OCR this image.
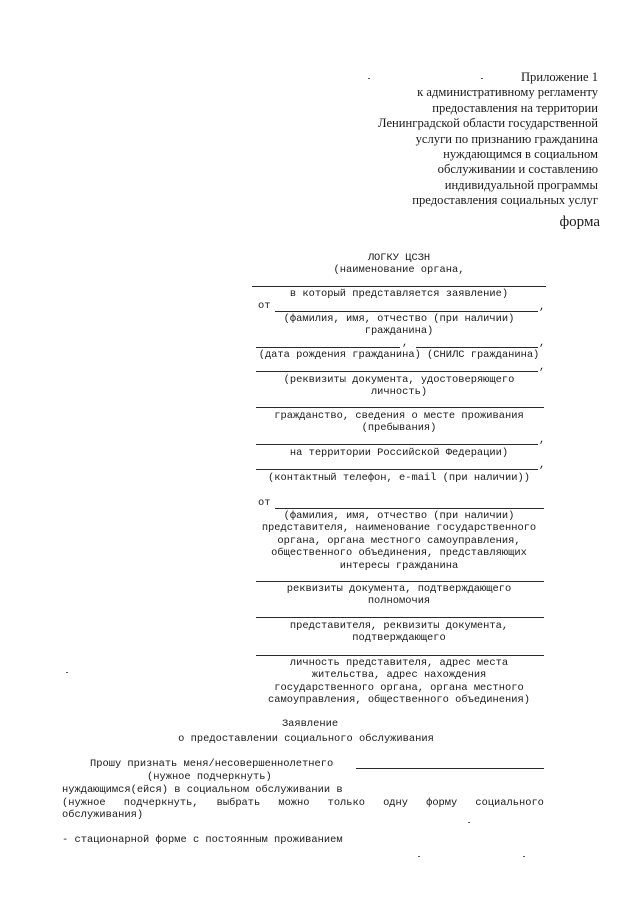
Приложение 1
к административному регламенту
предоставления на территории
Ленинградской области государственной
услуги по признанию гражданина
нуждающимся в социальном
обслуживании и составлению
индивидуальной программы
предоставления социальных услуг
форма
ЛОГКУ ЦСЗН
(наименование органа,
в который представляется заявление)
от	,
(фамилия, имя, отчество (при наличии)
гражданина)
,	,
(дата рождения гражданина) (СНИЛС гражданина)
,
(реквизиты документа, удостоверяющего
личность)
гражданство, сведения о месте проживания
(пребывания)
,
на территории Российской Федерации)
,
(контактный телефон, e-mail (при наличии))
от
(фамилия, имя, отчество (при наличии)
представителя, наименование государственного
органа, органа местного самоуправления,
общественного объединения, представляющих
интересы гражданина
реквизиты документа, подтверждающего
полномочия
представителя, реквизиты документа,
подтверждающего
личность представителя, адрес места
жительства, адрес нахождения
государственного органа, органа местного
самоуправления, общественного объединения)
Заявление
о предоставлении социального обслуживания
Прошу признать меня/несовершеннолетнего
(нужное подчеркнуть)
нуждающимся(ейся) в социальном обслуживании в
(нужное подчеркнуть, выбрать можно только одну форму социального
обслуживания)
- стационарной форме с постоянным проживанием
